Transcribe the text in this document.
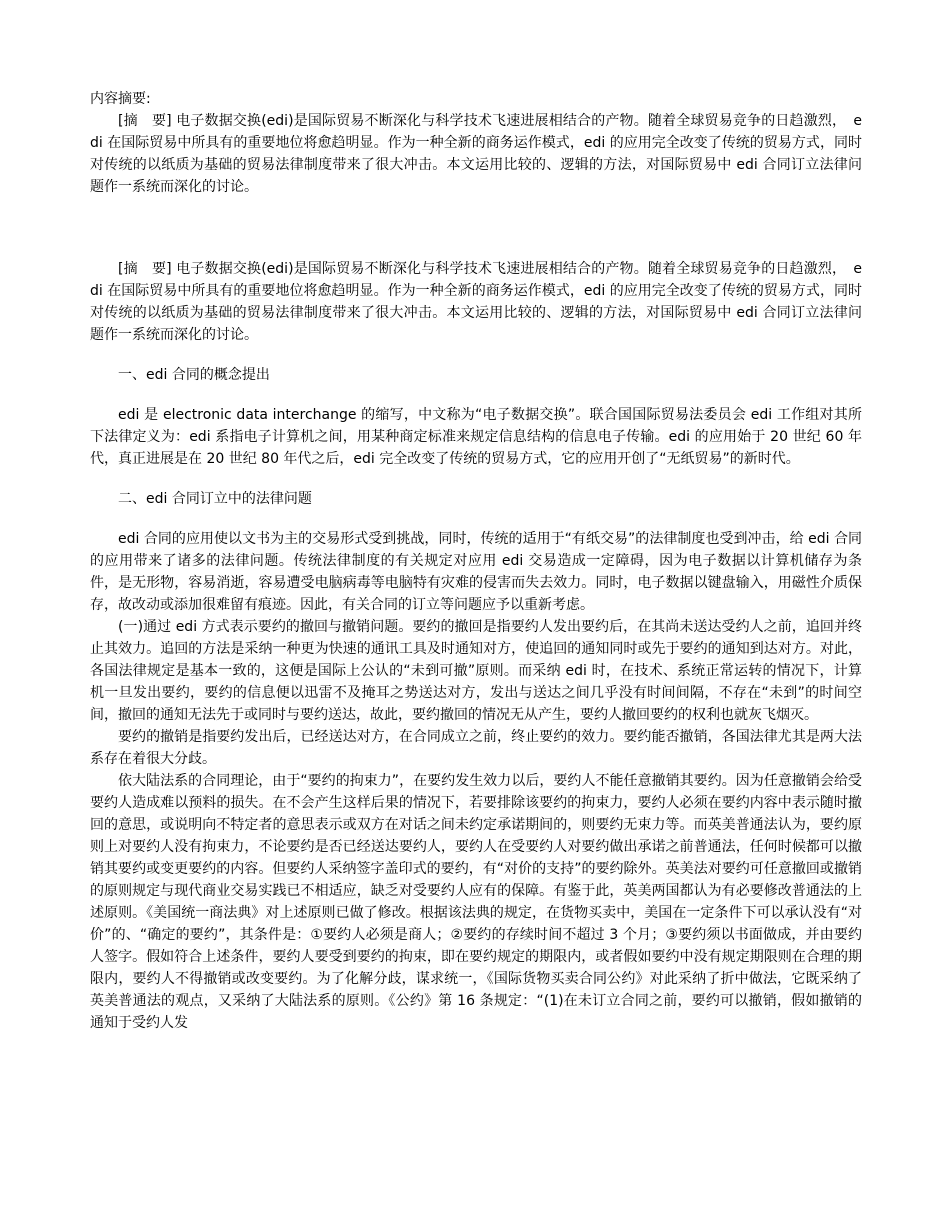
内容摘要:

[摘　要] 电子数据交换(edi)是国际贸易不断深化与科学技术飞速进展相结合的产物。随着全球贸易竞争的日趋激烈，　edi 在国际贸易中所具有的重要地位将愈趋明显。作为一种全新的商务运作模式，edi 的应用完全改变了传统的贸易方式，同时对传统的以纸质为基础的贸易法律制度带来了很大冲击。本文运用比较的、逻辑的方法，对国际贸易中 edi 合同订立法律问题作一系统而深化的讨论。

[摘　要] 电子数据交换(edi)是国际贸易不断深化与科学技术飞速进展相结合的产物。随着全球贸易竞争的日趋激烈，　edi 在国际贸易中所具有的重要地位将愈趋明显。作为一种全新的商务运作模式，edi 的应用完全改变了传统的贸易方式，同时对传统的以纸质为基础的贸易法律制度带来了很大冲击。本文运用比较的、逻辑的方法，对国际贸易中 edi 合同订立法律问题作一系统而深化的讨论。

一、edi 合同的概念提出

edi 是 electronic data interchange 的缩写，中文称为“电子数据交换”。联合国国际贸易法委员会 edi 工作组对其所下法律定义为：edi 系指电子计算机之间，用某种商定标准来规定信息结构的信息电子传输。edi 的应用始于 20 世纪 60 年代，真正进展是在 20 世纪 80 年代之后，edi 完全改变了传统的贸易方式，它的应用开创了“无纸贸易”的新时代。

二、edi 合同订立中的法律问题

edi 合同的应用使以文书为主的交易形式受到挑战，同时，传统的适用于“有纸交易”的法律制度也受到冲击，给 edi 合同的应用带来了诸多的法律问题。传统法律制度的有关规定对应用 edi 交易造成一定障碍，因为电子数据以计算机储存为条件，是无形物，容易消逝，容易遭受电脑病毒等电脑特有灾难的侵害而失去效力。同时，电子数据以键盘输入，用磁性介质保存，故改动或添加很难留有痕迹。因此，有关合同的订立等问题应予以重新考虑。

(一)通过 edi 方式表示要约的撤回与撤销问题。要约的撤回是指要约人发出要约后，在其尚未送达受约人之前，追回并终止其效力。追回的方法是采纳一种更为快速的通讯工具及时通知对方，使追回的通知同时或先于要约的通知到达对方。对此，各国法律规定是基本一致的，这便是国际上公认的“未到可撤”原则。而采纳 edi 时，在技术、系统正常运转的情况下，计算机一旦发出要约，要约的信息便以迅雷不及掩耳之势送达对方，发出与送达之间几乎没有时间间隔，不存在“未到”的时间空间，撤回的通知无法先于或同时与要约送达，故此，要约撤回的情况无从产生，要约人撤回要约的权利也就灰飞烟灭。

要约的撤销是指要约发出后，已经送达对方，在合同成立之前，终止要约的效力。要约能否撤销，各国法律尤其是两大法系存在着很大分歧。

依大陆法系的合同理论，由于“要约的拘束力”，在要约发生效力以后，要约人不能任意撤销其要约。因为任意撤销会给受要约人造成难以预料的损失。在不会产生这样后果的情况下，若要排除该要约的拘束力，要约人必须在要约内容中表示随时撤回的意思，或说明向不特定者的意思表示或双方在对话之间未约定承诺期间的，则要约无束力等。而英美普通法认为，要约原则上对要约人没有拘束力，不论要约是否已经送达要约人，要约人在受要约人对要约做出承诺之前普通法，任何时候都可以撤销其要约或变更要约的内容。但要约人采纳签字盖印式的要约，有“对价的支持”的要约除外。英美法对要约可任意撤回或撤销的原则规定与现代商业交易实践已不相适应，缺乏对受要约人应有的保障。有鉴于此，英美两国都认为有必要修改普通法的上述原则。《美国统一商法典》对上述原则已做了修改。根据该法典的规定，在货物买卖中，美国在一定条件下可以承认没有“对价”的、“确定的要约”，其条件是：①要约人必须是商人；②要约的存续时间不超过 3 个月；③要约须以书面做成，并由要约人签字。假如符合上述条件，要约人要受到要约的拘束，即在要约规定的期限内，或者假如要约中没有规定期限则在合理的期限内，要约人不得撤销或改变要约。为了化解分歧，谋求统一，《国际货物买卖合同公约》对此采纳了折中做法，它既采纳了英美普通法的观点，又采纳了大陆法系的原则。《公约》第 16 条规定：“(1)在未订立合同之前，要约可以撤销，假如撤销的通知于受约人发
